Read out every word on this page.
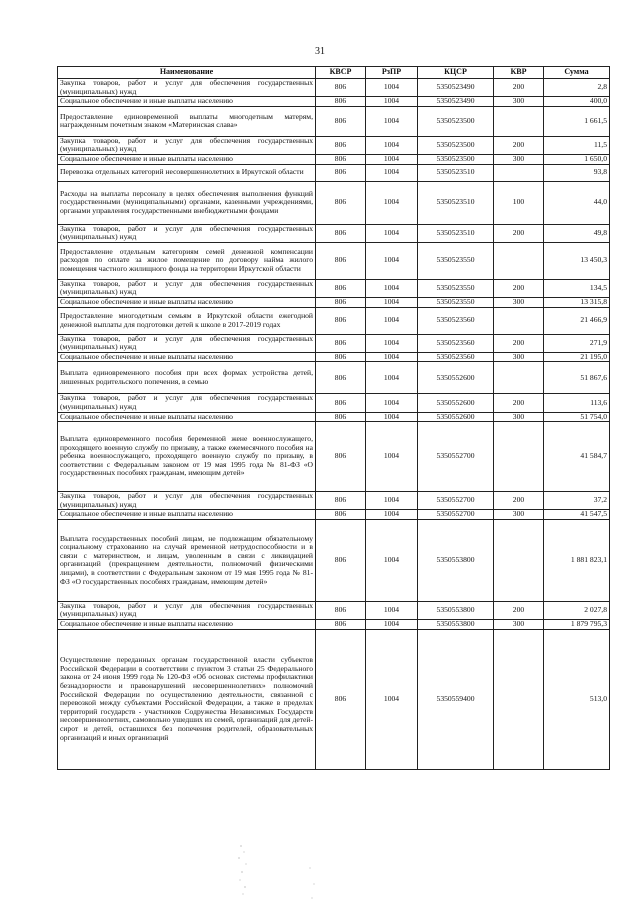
31
Наименование	КВСР	РзПР	КЦСР	КВР	Сумма
Закупка товаров, работ и услуг для обеспечения государственных (муниципальных) нужд	806	1004	5350523490	200	2,8
Социальное обеспечение и иные выплаты населению	806	1004	5350523490	300	400,0
Предоставление единовременной выплаты многодетным матерям, награжденным почетным знаком «Материнская слава»	806	1004	5350523500		1 661,5
Закупка товаров, работ и услуг для обеспечения государственных (муниципальных) нужд	806	1004	5350523500	200	11,5
Социальное обеспечение и иные выплаты населению	806	1004	5350523500	300	1 650,0
Перевозка отдельных категорий несовершеннолетних в Иркутской области	806	1004	5350523510		93,8
Расходы на выплаты персоналу в целях обеспечения выполнения функций государственными (муниципальными) органами, казенными учреждениями, органами управления государственными внебюджетными фондами	806	1004	5350523510	100	44,0
Закупка товаров, работ и услуг для обеспечения государственных (муниципальных) нужд	806	1004	5350523510	200	49,8
Предоставление отдельным категориям семей денежной компенсации расходов по оплате за жилое помещение по договору найма жилого помещения частного жилищного фонда на территории Иркутской области	806	1004	5350523550		13 450,3
Закупка товаров, работ и услуг для обеспечения государственных (муниципальных) нужд	806	1004	5350523550	200	134,5
Социальное обеспечение и иные выплаты населению	806	1004	5350523550	300	13 315,8
Предоставление многодетным семьям в Иркутской области ежегодной денежной выплаты для подготовки детей к школе в 2017-2019 годах	806	1004	5350523560		21 466,9
Закупка товаров, работ и услуг для обеспечения государственных (муниципальных) нужд	806	1004	5350523560	200	271,9
Социальное обеспечение и иные выплаты населению	806	1004	5350523560	300	21 195,0
Выплата единовременного пособия при всех формах устройства детей, лишенных родительского попечения, в семью	806	1004	5350552600		51 867,6
Закупка товаров, работ и услуг для обеспечения государственных (муниципальных) нужд	806	1004	5350552600	200	113,6
Социальное обеспечение и иные выплаты населению	806	1004	5350552600	300	51 754,0
Выплата единовременного пособия беременной жене военнослужащего, проходящего военную службу по призыву, а также ежемесячного пособия на ребенка военнослужащего, проходящего военную службу по призыву, в соответствии с Федеральным законом от 19 мая 1995 года № 81-ФЗ «О государственных пособиях гражданам, имеющим детей»	806	1004	5350552700		41 584,7
Закупка товаров, работ и услуг для обеспечения государственных (муниципальных) нужд	806	1004	5350552700	200	37,2
Социальное обеспечение и иные выплаты населению	806	1004	5350552700	300	41 547,5
Выплата государственных пособий лицам, не подлежащим обязательному социальному страхованию на случай временной нетрудоспособности и в связи с материнством, и лицам, уволенным в связи с ликвидацией организаций (прекращением деятельности, полномочий физическими лицами), в соответствии с Федеральным законом от 19 мая 1995 года № 81-ФЗ «О государственных пособиях гражданам, имеющим детей»	806	1004	5350553800		1 881 823,1
Закупка товаров, работ и услуг для обеспечения государственных (муниципальных) нужд	806	1004	5350553800	200	2 027,8
Социальное обеспечение и иные выплаты населению	806	1004	5350553800	300	1 879 795,3
Осуществление переданных органам государственной власти субъектов Российской Федерации в соответствии с пунктом 3 статьи 25 Федерального закона от 24 июня 1999 года № 120-ФЗ «Об основах системы профилактики безнадзорности и правонарушений несовершеннолетних» полномочий Российской Федерации по осуществлению деятельности, связанной с перевозкой между субъектами Российской Федерации, а также в пределах территорий государств - участников Содружества Независимых Государств несовершеннолетних, самовольно ушедших из семей, организаций для детей-сирот и детей, оставшихся без попечения родителей, образовательных организаций и иных организаций	806	1004	5350559400		513,0
